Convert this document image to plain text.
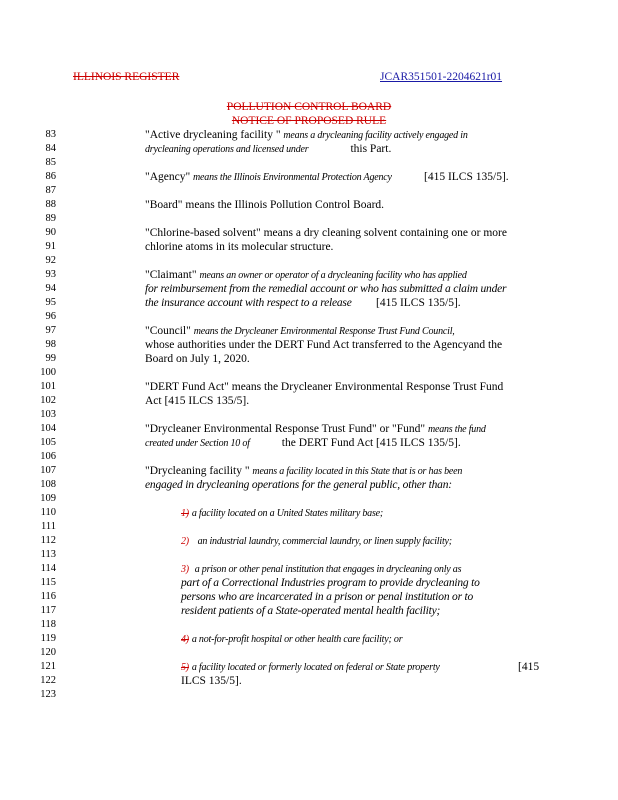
ILLINOIS REGISTER	JCAR351501-2204621r01
POLLUTION CONTROL BOARD
NOTICE OF PROPOSED RULE
83
84
85
86
87
88
89
90
91
92
93
94
95
96
97
98
99
100
101
102
103
104
105
106
107
108
109
110
111
112
113
114
115
116
117
118
119
120
121
122
123
"Active drycleaning facility " means a drycleaning facility actively engaged in
drycleaning operations and licensed under	this Part.
"Agency" means the Illinois Environmental Protection Agency	[415 ILCS 135/5].
"Board" means the Illinois Pollution Control Board.
"Chlorine-based solvent" means a dry cleaning solvent containing one or more
chlorine atoms in its molecular structure.
"Claimant" means an owner or operator of a drycleaning facility who has applied
for reimbursement from the remedial account or who has submitted a claim under
the insurance account with respect to a release [415 ILCS 135/5].
"Council" means the Drycleaner Environmental Response Trust Fund Council,
whose authorities under the DERT Fund Act transferred to the Agencyand the
Board on July 1, 2020.
"DERT Fund Act" means the Drycleaner Environmental Response Trust Fund
Act [415 ILCS 135/5].
"Drycleaner Environmental Response Trust Fund" or "Fund" means the fund
created under Section 10 of	the DERT Fund Act [415 ILCS 135/5].
"Drycleaning facility " means a facility located in this State that is or has been
engaged in drycleaning operations for the general public, other than:
1) a facility located on a United States military base;
2) an industrial laundry, commercial laundry, or linen supply facility;
3) a prison or other penal institution that engages in drycleaning only as
part of a Correctional Industries program to provide drycleaning to
persons who are incarcerated in a prison or penal institution or to
resident patients of a State-operated mental health facility;
4) a not-for-profit hospital or other health care facility; or
5) a facility located or formerly located on federal or State property	[415
ILCS 135/5].
